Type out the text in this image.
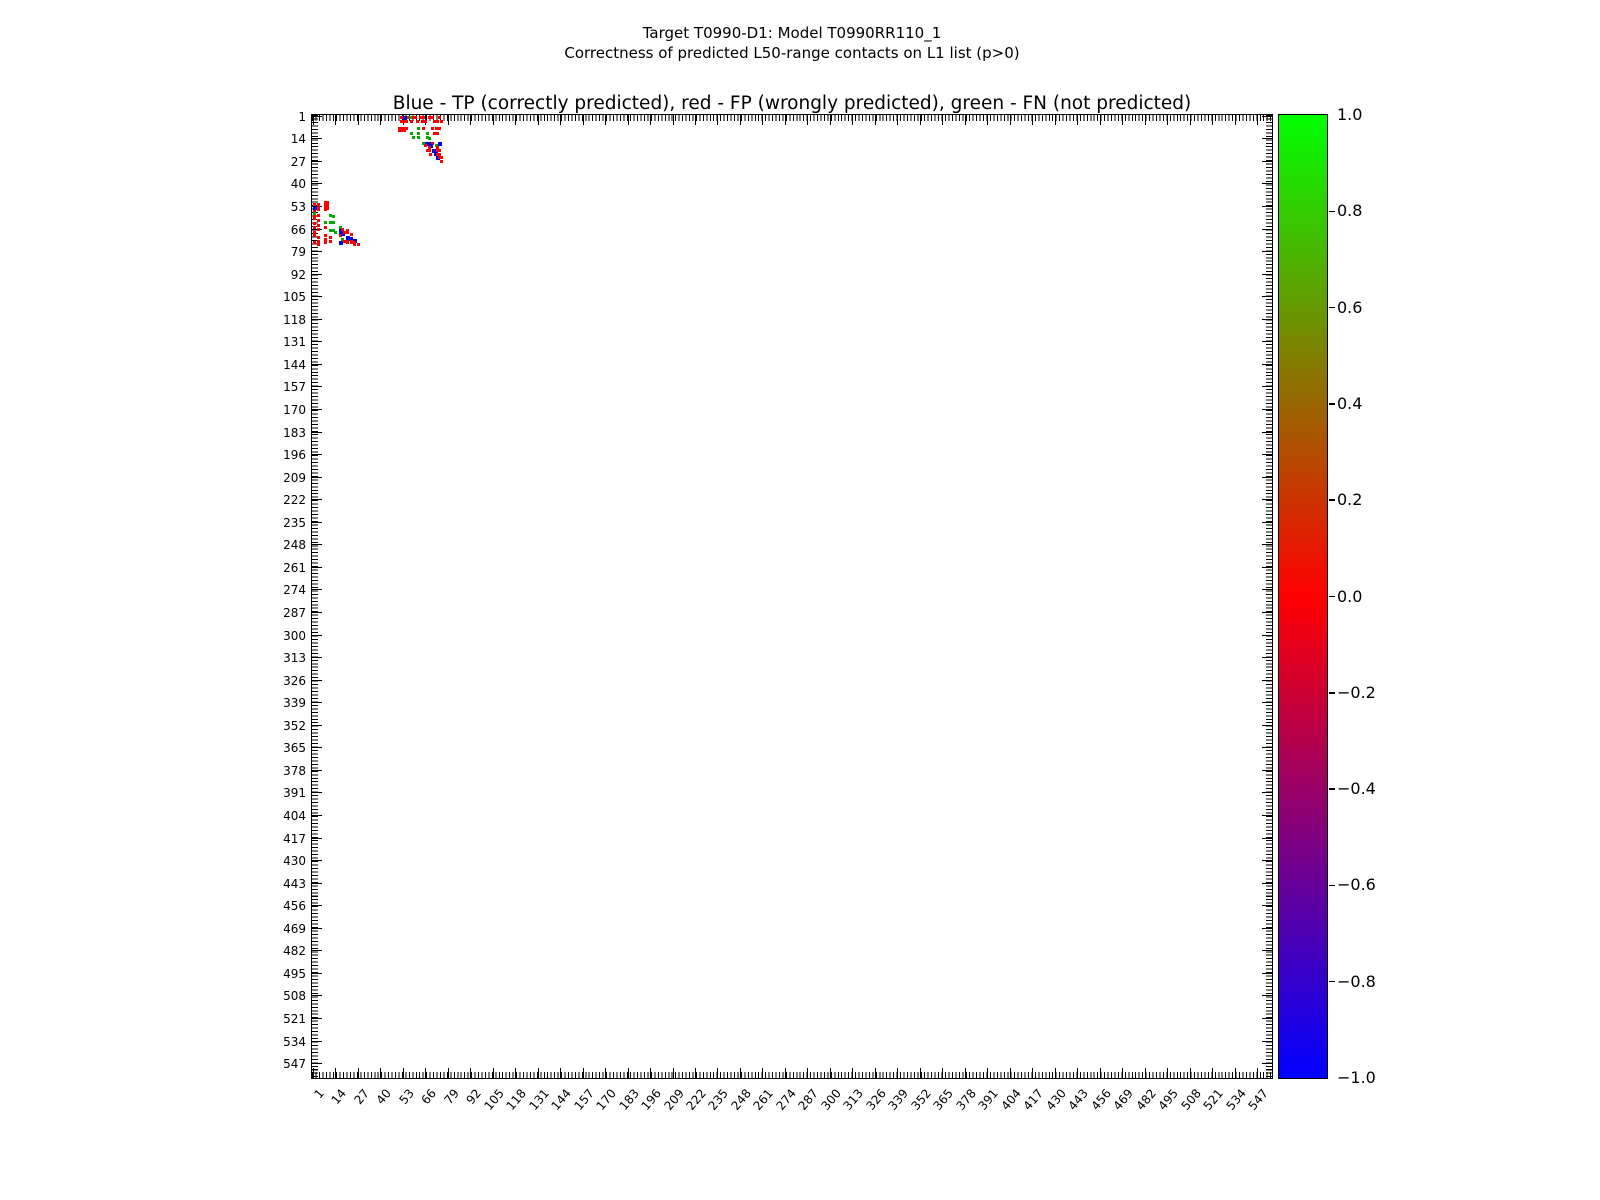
Target T0990-D1: Model T0990RR110_1
Correctness of predicted L50-range contacts on L1 list (p>0)
Blue - TP (correctly predicted), red - FP (wrongly predicted), green - FN (not predicted)
1
1
14
14
27
27
40
40
53
53
66
66
79
79
92
92
105
105
118
118
131
131
144
144
157
157
170
170
183
183
196
196
209
209
222
222
235
235
248
248
261
261
274
274
287
287
300
300
313
313
326
326
339
339
352
352
365
365
378
378
391
391
404
404
417
417
430
430
443
443
456
456
469
469
482
482
495
495
508
508
521
521
534
534
547
547
1.0
0.8
0.6
0.4
0.2
0.0
−0.2
−0.4
−0.6
−0.8
−1.0
